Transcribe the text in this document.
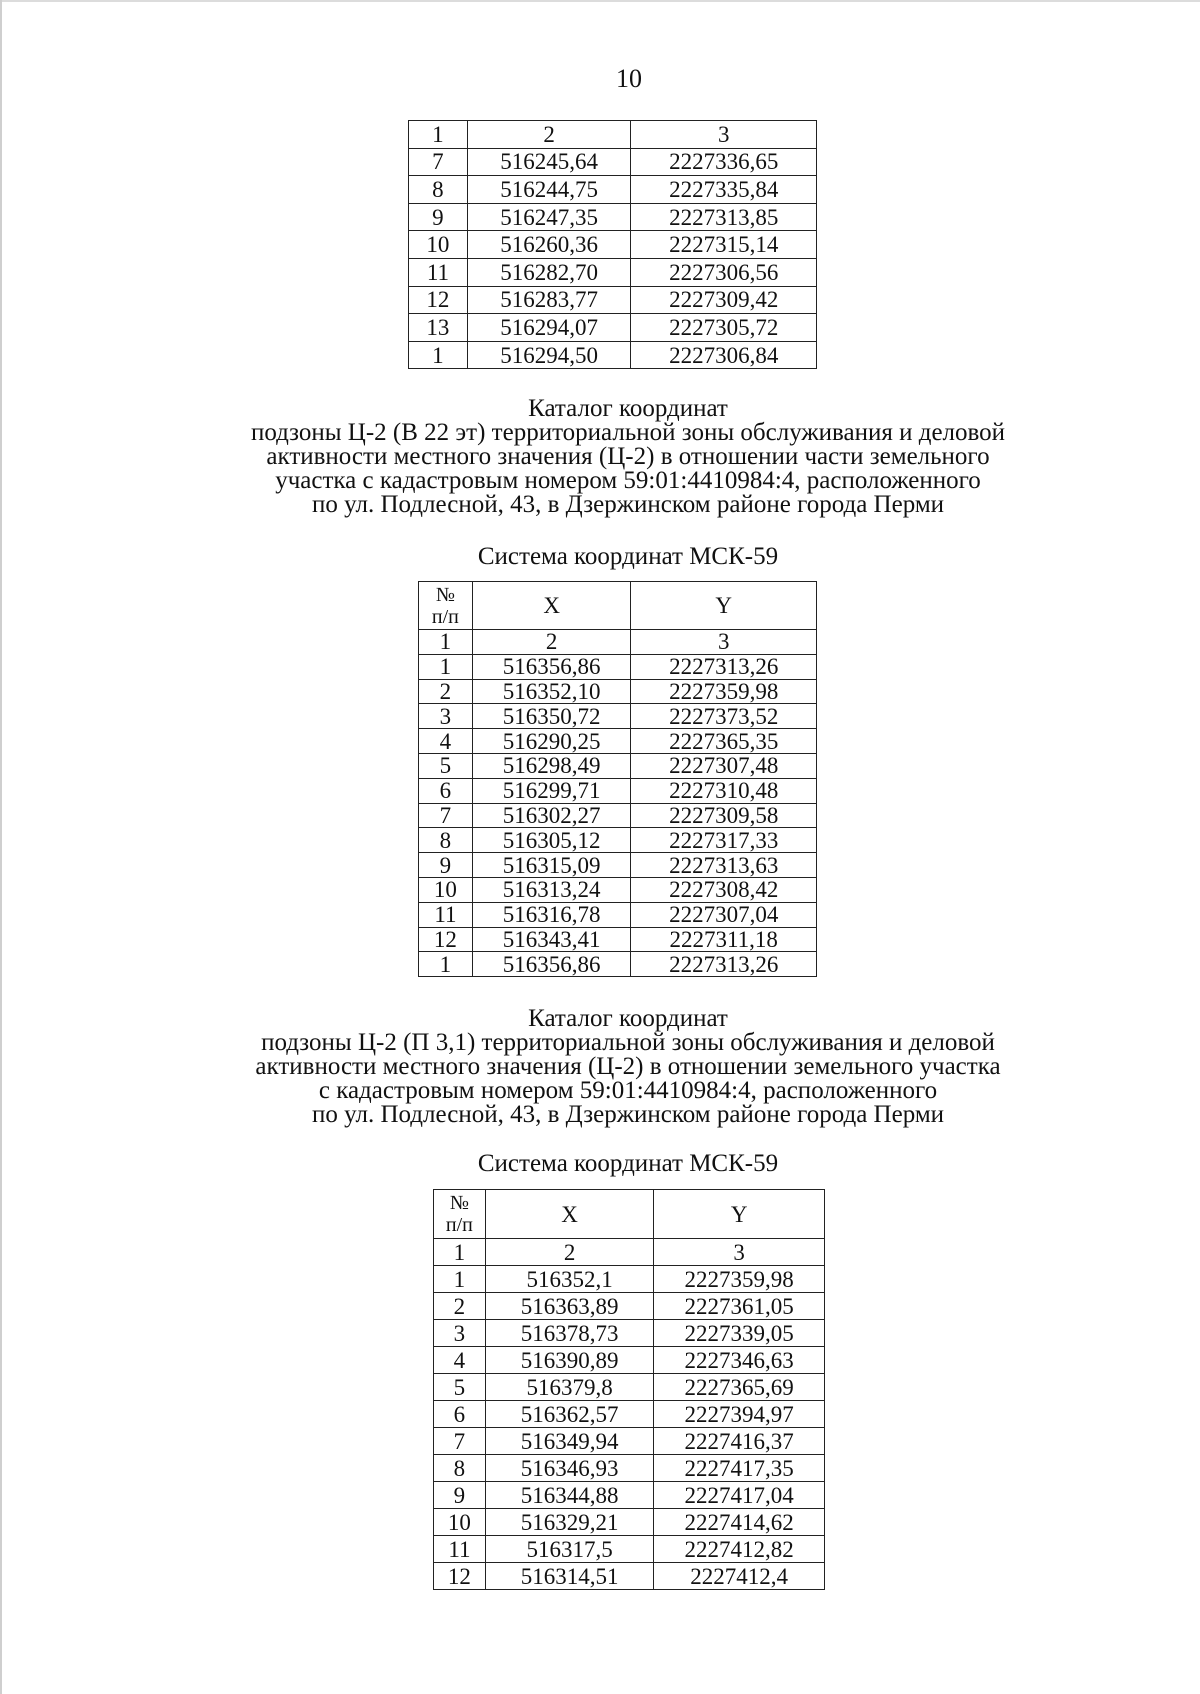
10
1	2	3
7	516245,64	2227336,65
8	516244,75	2227335,84
9	516247,35	2227313,85
10	516260,36	2227315,14
11	516282,70	2227306,56
12	516283,77	2227309,42
13	516294,07	2227305,72
1	516294,50	2227306,84
Каталог координат
подзоны Ц-2 (В 22 эт) территориальной зоны обслуживания и деловой
активности местного значения (Ц-2) в отношении части земельного
участка с кадастровым номером 59:01:4410984:4, расположенного
по ул. Подлесной, 43, в Дзержинском районе города Перми
Система координат МСК-59
№
п/п	X	Y
1	2	3
1	516356,86	2227313,26
2	516352,10	2227359,98
3	516350,72	2227373,52
4	516290,25	2227365,35
5	516298,49	2227307,48
6	516299,71	2227310,48
7	516302,27	2227309,58
8	516305,12	2227317,33
9	516315,09	2227313,63
10	516313,24	2227308,42
11	516316,78	2227307,04
12	516343,41	2227311,18
1	516356,86	2227313,26
Каталог координат
подзоны Ц-2 (П 3,1) территориальной зоны обслуживания и деловой
активности местного значения (Ц-2) в отношении земельного участка
с кадастровым номером 59:01:4410984:4, расположенного
по ул. Подлесной, 43, в Дзержинском районе города Перми
Система координат МСК-59
№
п/п	X	Y
1	2	3
1	516352,1	2227359,98
2	516363,89	2227361,05
3	516378,73	2227339,05
4	516390,89	2227346,63
5	516379,8	2227365,69
6	516362,57	2227394,97
7	516349,94	2227416,37
8	516346,93	2227417,35
9	516344,88	2227417,04
10	516329,21	2227414,62
11	516317,5	2227412,82
12	516314,51	2227412,4
